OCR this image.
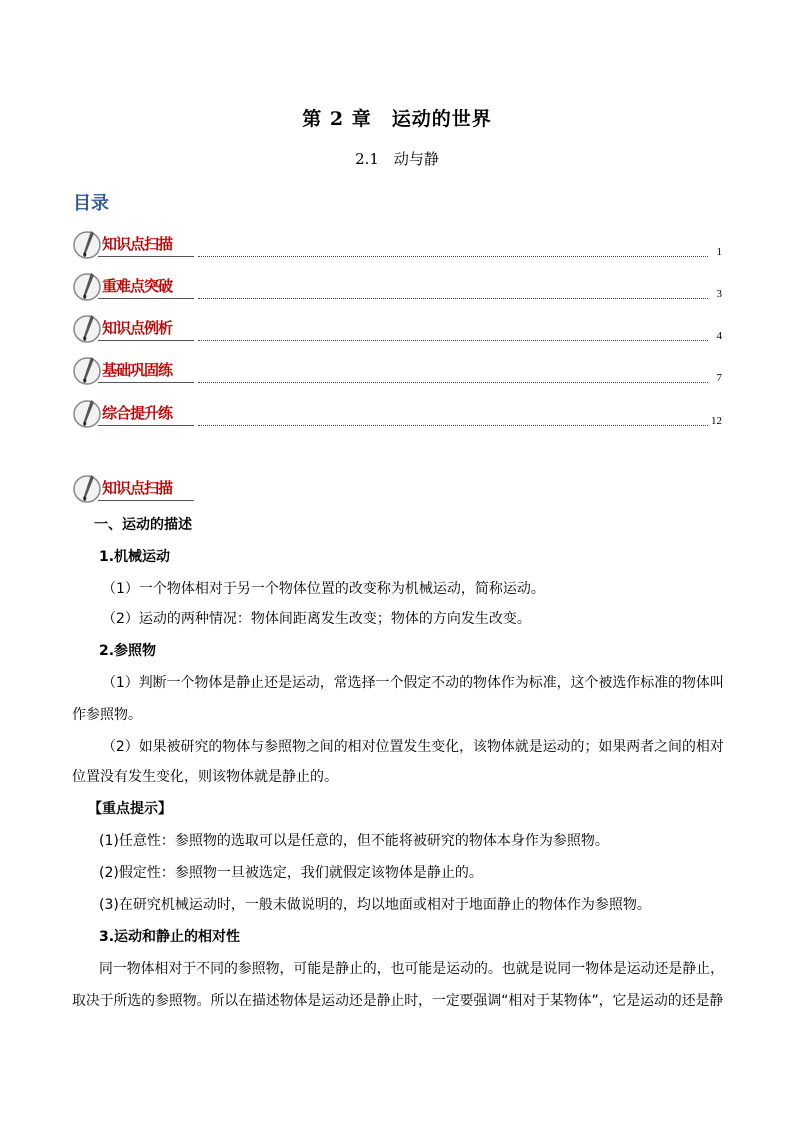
第 2 章　运动的世界
2.1　动与静
目录
知识点扫描	1
重难点突破	3
知识点例析	4
基础巩固练	7
综合提升练	12
知识点扫描
一、运动的描述
1.机械运动
（1）一个物体相对于另一个物体位置的改变称为机械运动，简称运动。
（2）运动的两种情况：物体间距离发生改变；物体的方向发生改变。
2.参照物
（1）判断一个物体是静止还是运动，常选择一个假定不动的物体作为标准，这个被选作标准的物体叫
作参照物。
（2）如果被研究的物体与参照物之间的相对位置发生变化，该物体就是运动的；如果两者之间的相对
位置没有发生变化，则该物体就是静止的。
【重点提示】
(1)任意性：参照物的选取可以是任意的，但不能将被研究的物体本身作为参照物。
(2)假定性：参照物一旦被选定，我们就假定该物体是静止的。
(3)在研究机械运动时，一般未做说明的，均以地面或相对于地面静止的物体作为参照物。
3.运动和静止的相对性
同一物体相对于不同的参照物，可能是静止的，也可能是运动的。也就是说同一物体是运动还是静止，
取决于所选的参照物。所以在描述物体是运动还是静止时，一定要强调“相对于某物体”，它是运动的还是静
